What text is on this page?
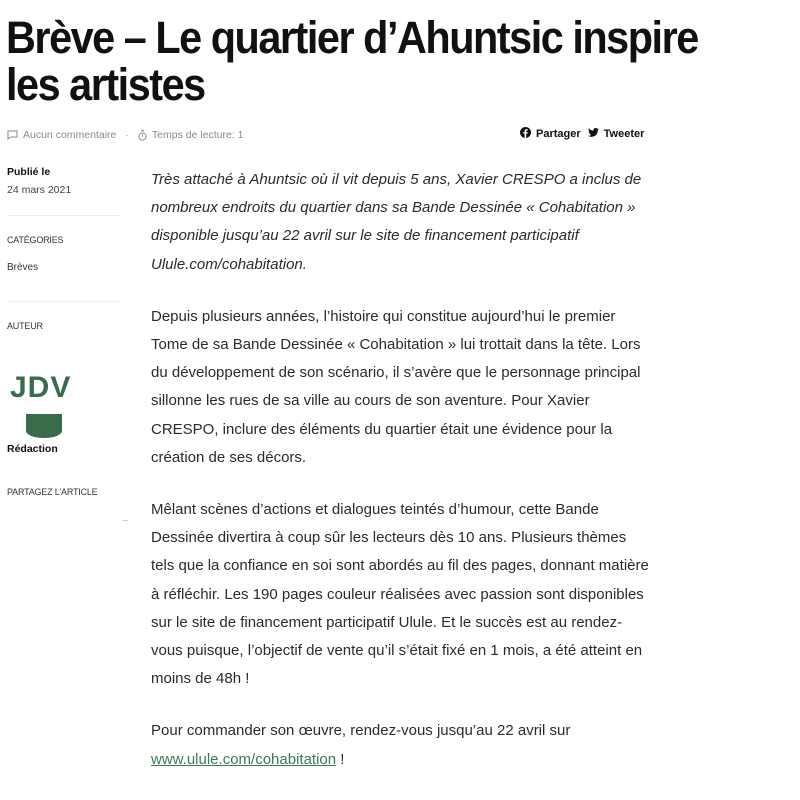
Brève – Le quartier d’Ahuntsic inspire les artistes
Aucun commentaire · Temps de lecture: 1	Partager Tweeter
Publié le
24 mars 2021
CATÉGORIES
Brèves
AUTEUR
JDV
Rédaction
PARTAGEZ L'ARTICLE

Très attaché à Ahuntsic où il vit depuis 5 ans, Xavier CRESPO a inclus de nombreux endroits du quartier dans sa Bande Dessinée « Cohabitation » disponible jusqu’au 22 avril sur le site de financement participatif Ulule.com/cohabitation.

Depuis plusieurs années, l’histoire qui constitue aujourd’hui le premier Tome de sa Bande Dessinée « Cohabitation » lui trottait dans la tête. Lors du développement de son scénario, il s’avère que le personnage principal sillonne les rues de sa ville au cours de son aventure. Pour Xavier CRESPO, inclure des éléments du quartier était une évidence pour la création de ses décors.

Mêlant scènes d’actions et dialogues teintés d’humour, cette Bande Dessinée divertira à coup sûr les lecteurs dès 10 ans. Plusieurs thèmes tels que la confiance en soi sont abordés au fil des pages, donnant matière à réfléchir. Les 190 pages couleur réalisées avec passion sont disponibles sur le site de financement participatif Ulule. Et le succès est au rendez-vous puisque, l’objectif de vente qu’il s’était fixé en 1 mois, a été atteint en moins de 48h !

Pour commander son œuvre, rendez-vous jusqu’au 22 avril sur www.ulule.com/cohabitation !
